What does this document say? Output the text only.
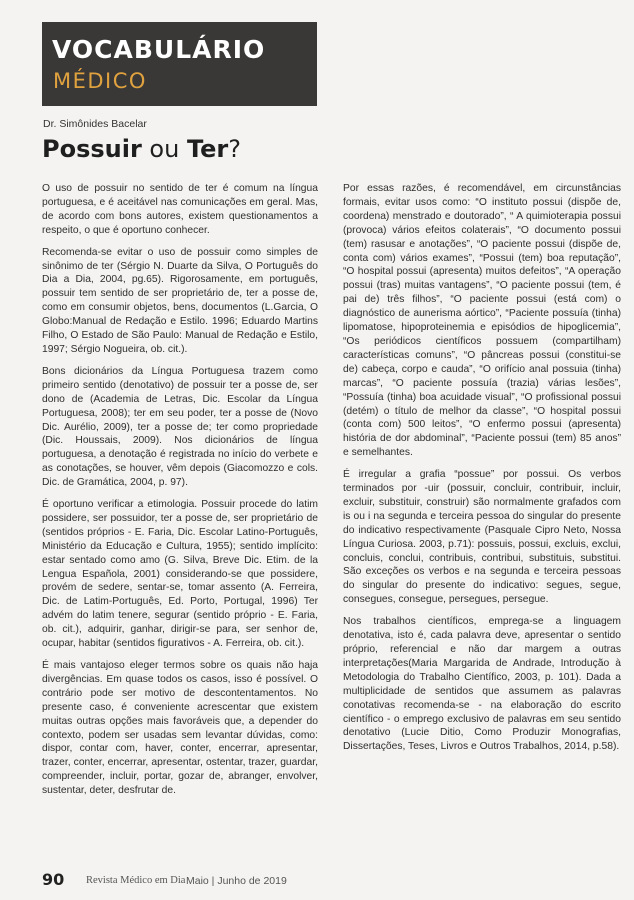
VOCABULÁRIO
MÉDICO
Dr. Simônides Bacelar
Possuir ou Ter?

O uso de possuir no sentido de ter é comum na língua portuguesa, e é aceitável nas comunicações em geral. Mas, de acordo com bons autores, existem questionamentos a respeito, o que é oportuno conhecer.

Recomenda-se evitar o uso de possuir como simples de sinônimo de ter (Sérgio N. Duarte da Silva, O Português do Dia a Dia, 2004, pg.65). Rigorosamente, em português, possuir tem sentido de ser proprietário de, ter a posse de, como em consumir objetos, bens, documentos (L.Garcia, O Globo:Manual de Redação e Estilo. 1996; Eduardo Martins Filho, O Estado de São Paulo: Manual de Redação e Estilo, 1997; Sérgio Nogueira, ob. cit.).

Bons dicionários da Língua Portuguesa trazem como primeiro sentido (denotativo) de possuir ter a posse de, ser dono de (Academia de Letras, Dic. Escolar da Língua Portuguesa, 2008); ter em seu poder, ter a posse de (Novo Dic. Aurélio, 2009), ter a posse de; ter como propriedade (Dic. Houssais, 2009). Nos dicionários de língua portuguesa, a denotação é registrada no início do verbete e as conotações, se houver, vêm depois (Giacomozzo e cols. Dic. de Gramática, 2004, p. 97).

É oportuno verificar a etimologia. Possuir procede do latim possidere, ser possuidor, ter a posse de, ser proprietário de (sentidos próprios - E. Faria, Dic. Escolar Latino-Português, Ministério da Educação e Cultura, 1955); sentido implícito: estar sentado como amo (G. Silva, Breve Dic. Etim. de la Lengua Española, 2001) considerando-se que possidere, provém de sedere, sentar-se, tomar assento (A. Ferreira, Dic. de Latim-Português, Ed. Porto, Portugal, 1996) Ter advém do latim tenere, segurar (sentido próprio - E. Faria, ob. cit.), adquirir, ganhar, dirigir-se para, ser senhor de, ocupar, habitar (sentidos figurativos - A. Ferreira, ob. cit.).

É mais vantajoso eleger termos sobre os quais não haja divergências. Em quase todos os casos, isso é possível. O contrário pode ser motivo de descontentamentos. No presente caso, é conveniente acrescentar que existem muitas outras opções mais favoráveis que, a depender do contexto, podem ser usadas sem levantar dúvidas, como: dispor, contar com, haver, conter, encerrar, apresentar, trazer, conter, encerrar, apresentar, ostentar, trazer, guardar, compreender, incluir, portar, gozar de, abranger, envolver, sustentar, deter, desfrutar de.

Por essas razões, é recomendável, em circunstâncias formais, evitar usos como: “O instituto possui (dispõe de, coordena) menstrado e doutorado”, “ A quimioterapia possui (provoca) vários efeitos colaterais”, “O documento possui (tem) rasusar e anotações”, “O paciente possui (dispõe de, conta com) vários exames”, “Possui (tem) boa reputação”, “O hospital possui (apresenta) muitos defeitos”, “A operação possui (tras) muitas vantagens”, “O paciente possui (tem, é pai de) três filhos”, “O paciente possui (está com) o diagnóstico de aunerisma aórtico”, “Paciente possuía (tinha) lipomatose, hipoproteinemia e episódios de hipoglicemia”, “Os periódicos científicos possuem (compartilham) características comuns”, “O pâncreas possui (constitui-se de) cabeça, corpo e cauda”, “O orifício anal possuia (tinha) marcas”, “O paciente possuía (trazia) várias lesões”, “Possuía (tinha) boa acuidade visual”, “O profissional possui (detém) o título de melhor da classe”, “O hospital possui (conta com) 500 leitos”, “O enfermo possui (apresenta) história de dor abdominal”, “Paciente possui (tem) 85 anos” e semelhantes.

É irregular a grafia “possue” por possui. Os verbos terminados por -uir (possuir, concluir, contribuir, incluir, excluir, substituir, construir) são normalmente grafados com is ou i na segunda e terceira pessoa do singular do presente do indicativo respectivamente (Pasquale Cipro Neto, Nossa Língua Curiosa. 2003, p.71): possuis, possui, excluis, exclui, concluis, conclui, contribuis, contribui, substituis, substitui. São exceções os verbos e na segunda e terceira pessoas do singular do presente do indicativo: segues, segue, consegues, consegue, persegues, persegue.

Nos trabalhos científicos, emprega-se a linguagem denotativa, isto é, cada palavra deve, apresentar o sentido próprio, referencial e não dar margem a outras interpretações(Maria Margarida de Andrade, Introdução à Metodologia do Trabalho Científico, 2003, p. 101). Dada a multiplicidade de sentidos que assumem as palavras conotativas recomenda-se - na elaboração do escrito científico - o emprego exclusivo de palavras em seu sentido denotativo (Lucie Ditio, Como Produzir Monografias, Dissertações, Teses, Livros e Outros Trabalhos, 2014, p.58).

90 Revista Médico em Dia Maio | Junho de 2019
